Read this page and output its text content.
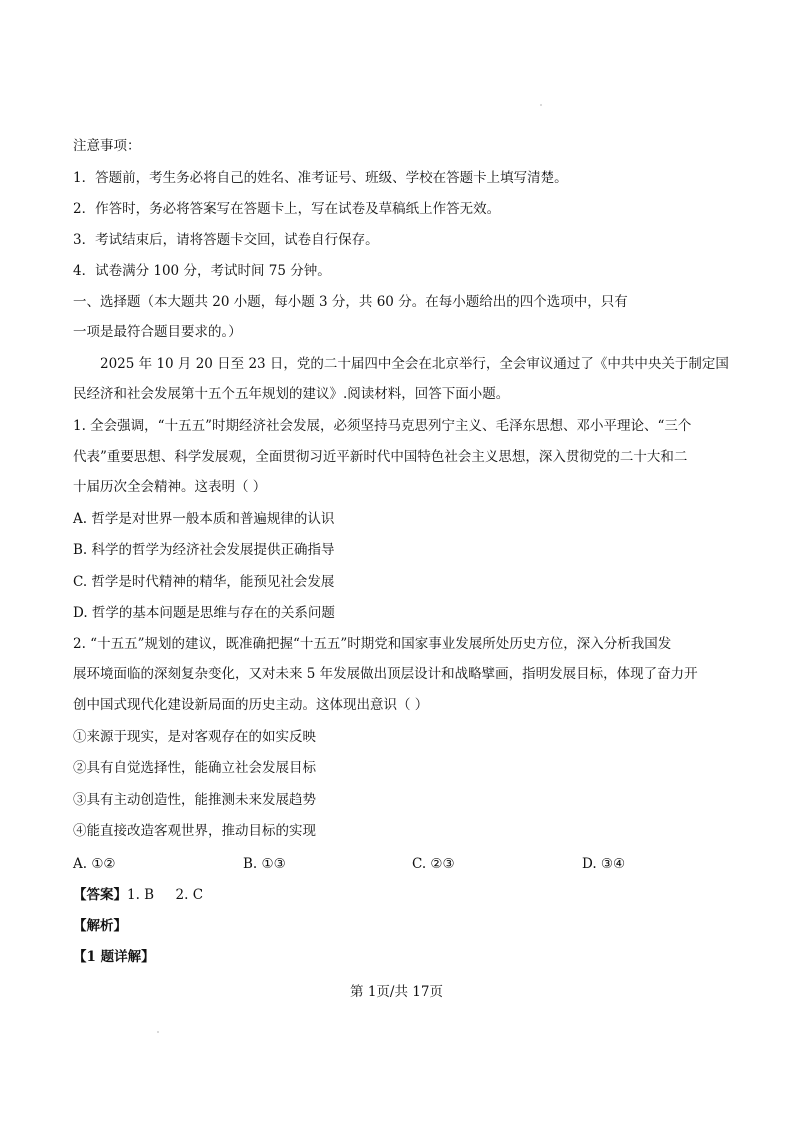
注意事项：
1．答题前，考生务必将自己的姓名、准考证号、班级、学校在答题卡上填写清楚。
2．作答时，务必将答案写在答题卡上，写在试卷及草稿纸上作答无效。
3．考试结束后，请将答题卡交回，试卷自行保存。
4．试卷满分 100 分，考试时间 75 分钟。
一、选择题（本大题共 20 小题，每小题 3 分，共 60 分。在每小题给出的四个选项中，只有
一项是最符合题目要求的。）
2025 年 10 月 20 日至 23 日，党的二十届四中全会在北京举行，全会审议通过了《中共中央关于制定国
民经济和社会发展第十五个五年规划的建议》.阅读材料，回答下面小题。
1. 全会强调，“十五五”时期经济社会发展，必须坚持马克思列宁主义、毛泽东思想、邓小平理论、“三个
代表”重要思想、科学发展观，全面贯彻习近平新时代中国特色社会主义思想，深入贯彻党的二十大和二
十届历次全会精神。这表明（ ）
A. 哲学是对世界一般本质和普遍规律的认识
B. 科学的哲学为经济社会发展提供正确指导
C. 哲学是时代精神的精华，能预见社会发展
D. 哲学的基本问题是思维与存在的关系问题
2. “十五五”规划的建议，既准确把握“十五五”时期党和国家事业发展所处历史方位，深入分析我国发
展环境面临的深刻复杂变化，又对未来 5 年发展做出顶层设计和战略擘画，指明发展目标，体现了奋力开
创中国式现代化建设新局面的历史主动。这体现出意识（ ）
①来源于现实，是对客观存在的如实反映
②具有自觉选择性，能确立社会发展目标
③具有主动创造性，能推测未来发展趋势
④能直接改造客观世界，推动目标的实现
A. ①②	B. ①③	C. ②③	D. ③④
【答案】1. B     2. C
【解析】
【1 题详解】
第 1页/共 17页
